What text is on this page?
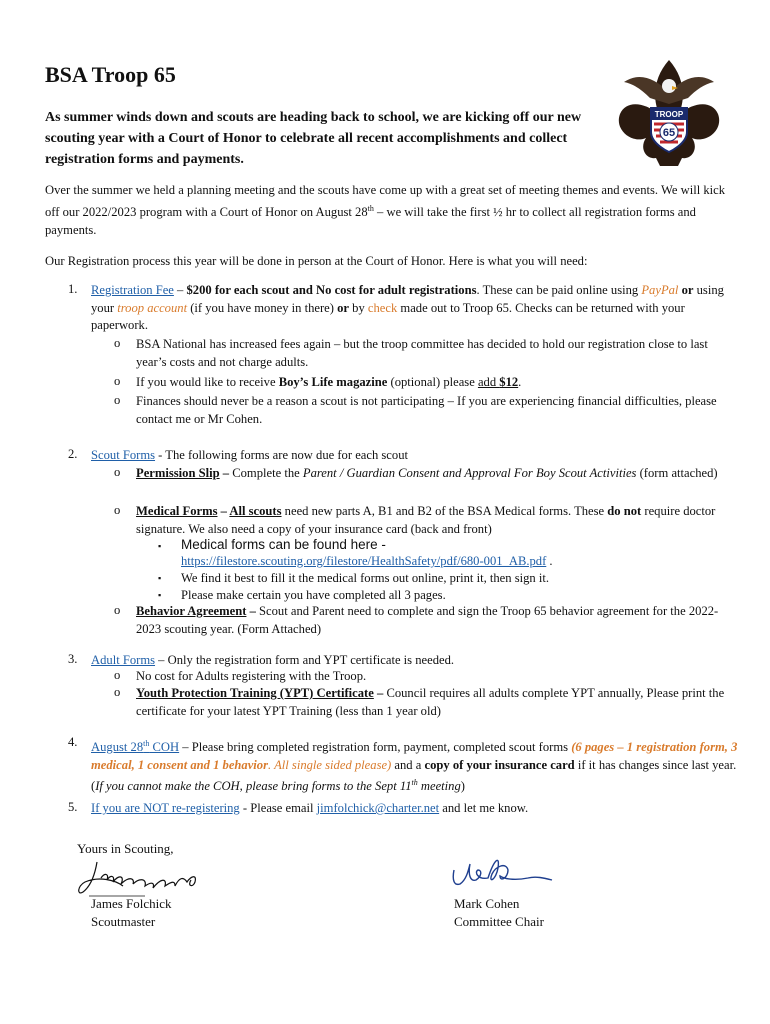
BSA Troop 65

As summer winds down and scouts are heading back to school, we are kicking off our new scouting year with a Court of Honor to celebrate all recent accomplishments and collect registration forms and payments.

TROOP
65

Over the summer we held a planning meeting and the scouts have come up with a great set of meeting themes and events. We will kick off our 2022/2023 program with a Court of Honor on August 28th – we will take the first ½ hr to collect all registration forms and payments.

Our Registration process this year will be done in person at the Court of Honor. Here is what you will need:

1. Registration Fee – $200 for each scout and No cost for adult registrations. These can be paid online using PayPal or using your troop account (if you have money in there) or by check made out to Troop 65. Checks can be returned with your paperwork.

o BSA National has increased fees again – but the troop committee has decided to hold our registration close to last year’s costs and not charge adults.

o If you would like to receive Boy’s Life magazine (optional) please add $12.

o Finances should never be a reason a scout is not participating – If you are experiencing financial difficulties, please contact me or Mr Cohen.

2. Scout Forms - The following forms are now due for each scout

o Permission Slip – Complete the Parent / Guardian Consent and Approval For Boy Scout Activities (form attached)

o Medical Forms – All scouts need new parts A, B1 and B2 of the BSA Medical forms. These do not require doctor signature. We also need a copy of your insurance card (back and front)

▪ Medical forms can be found here -
https://filestore.scouting.org/filestore/HealthSafety/pdf/680-001_AB.pdf .

▪ We find it best to fill it the medical forms out online, print it, then sign it.

▪ Please make certain you have completed all 3 pages.

o Behavior Agreement – Scout and Parent need to complete and sign the Troop 65 behavior agreement for the 2022-2023 scouting year. (Form Attached)

3. Adult Forms – Only the registration form and YPT certificate is needed.

o No cost for Adults registering with the Troop.

o Youth Protection Training (YPT) Certificate – Council requires all adults complete YPT annually, Please print the certificate for your latest YPT Training (less than 1 year old)

4. August 28th COH – Please bring completed registration form, payment, completed scout forms (6 pages – 1 registration form, 3 medical, 1 consent and 1 behavior. All single sided please) and a copy of your insurance card if it has changes since last year. (If you cannot make the COH, please bring forms to the Sept 11th meeting)

5. If you are NOT re-registering - Please email jimfolchick@charter.net and let me know.

Yours in Scouting,
James Folchick
Scoutmaster
Mark Cohen
Committee Chair
